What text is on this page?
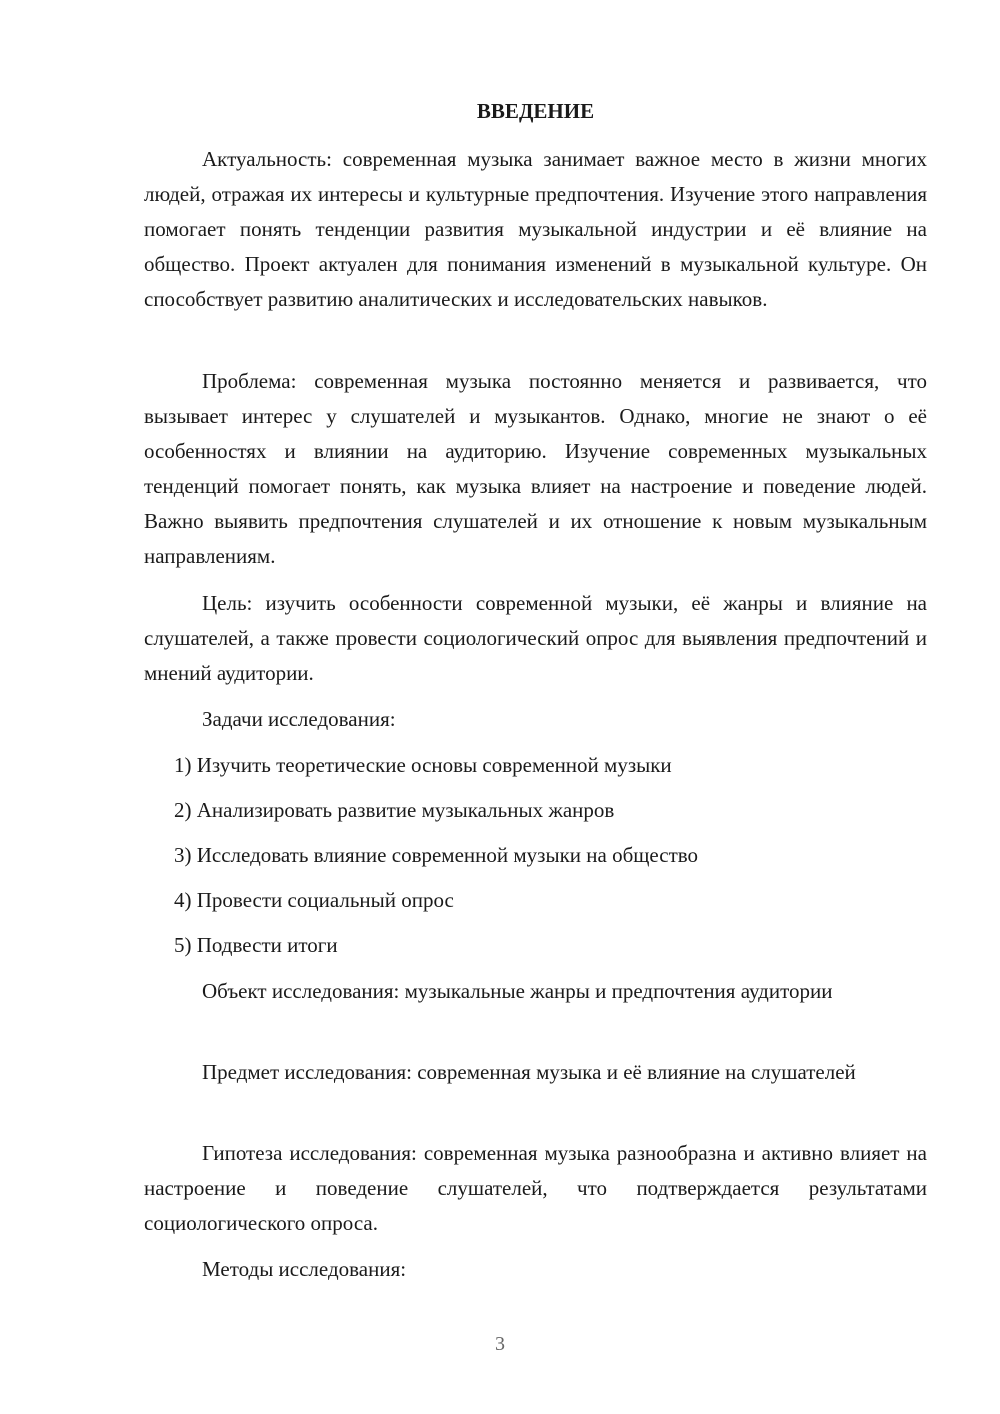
ВВЕДЕНИЕ

Актуальность: современная музыка занимает важное место в жизни многих людей, отражая их интересы и культурные предпочтения. Изучение этого направления помогает понять тенденции развития музыкальной индустрии и её влияние на общество. Проект актуален для понимания изменений в музыкальной культуре. Он способствует развитию аналитических и исследовательских навыков.

Проблема: современная музыка постоянно меняется и развивается, что вызывает интерес у слушателей и музыкантов. Однако, многие не знают о её особенностях и влиянии на аудиторию. Изучение современных музыкальных тенденций помогает понять, как музыка влияет на настроение и поведение людей. Важно выявить предпочтения слушателей и их отношение к новым музыкальным направлениям.

Цель: изучить особенности современной музыки, её жанры и влияние на слушателей, а также провести социологический опрос для выявления предпочтений и мнений аудитории.

Задачи исследования:

1) Изучить теоретические основы современной музыки

2) Анализировать развитие музыкальных жанров

3) Исследовать влияние современной музыки на общество

4) Провести социальный опрос

5) Подвести итоги

Объект исследования: музыкальные жанры и предпочтения аудитории

Предмет исследования: современная музыка и её влияние на слушателей

Гипотеза исследования: современная музыка разнообразна и активно влияет на настроение и поведение слушателей, что подтверждается результатами социологического опроса.

Методы исследования:

3
